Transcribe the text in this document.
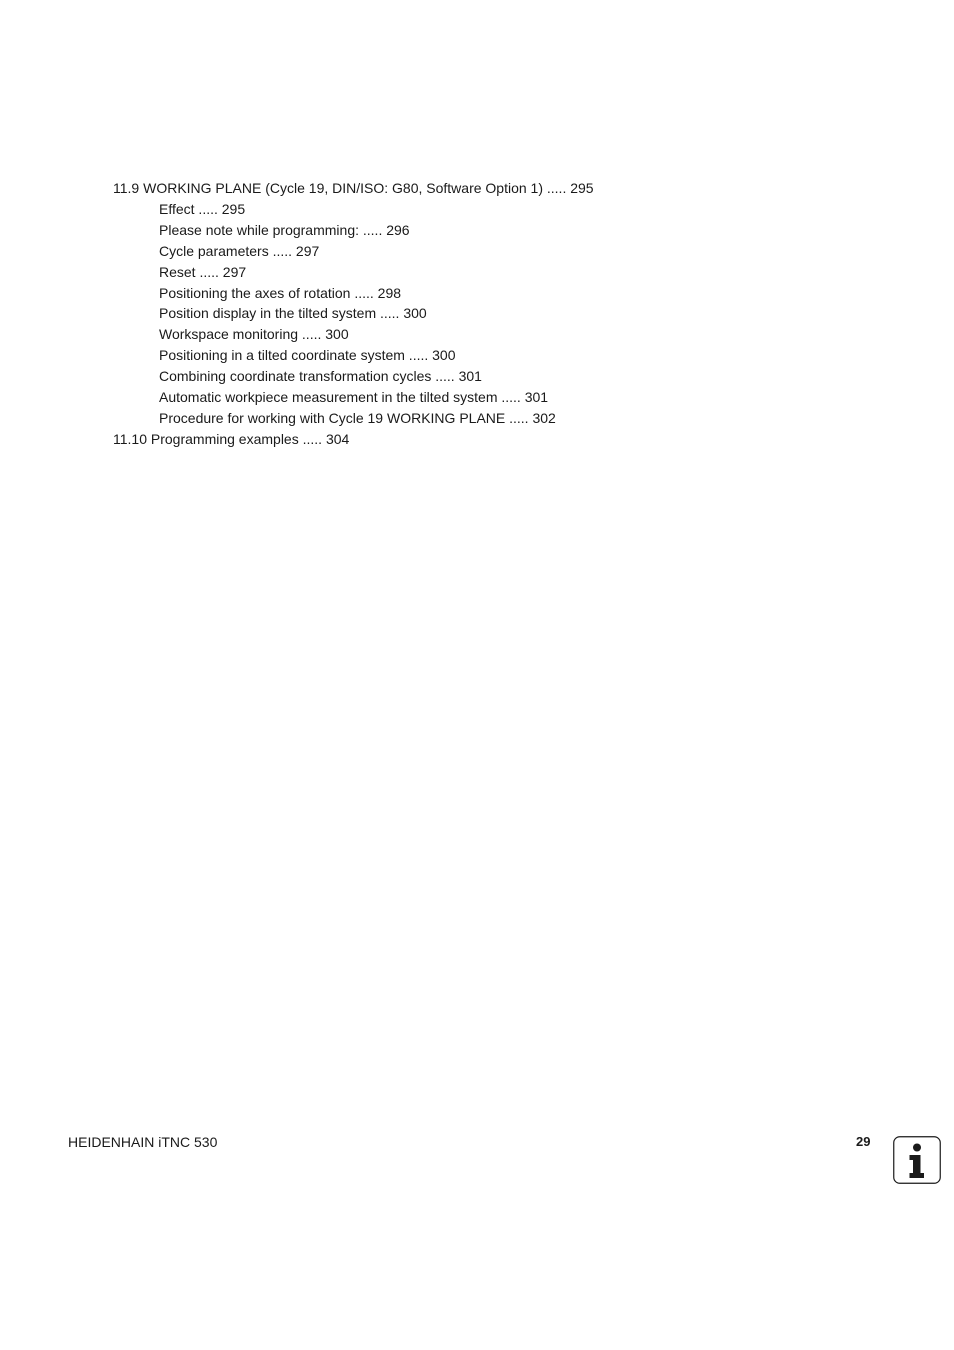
11.9 WORKING PLANE (Cycle 19, DIN/ISO: G80, Software Option 1) ..... 295
Effect ..... 295
Please note while programming: ..... 296
Cycle parameters ..... 297
Reset ..... 297
Positioning the axes of rotation ..... 298
Position display in the tilted system ..... 300
Workspace monitoring ..... 300
Positioning in a tilted coordinate system ..... 300
Combining coordinate transformation cycles ..... 301
Automatic workpiece measurement in the tilted system ..... 301
Procedure for working with Cycle 19 WORKING PLANE ..... 302
11.10 Programming examples ..... 304
HEIDENHAIN iTNC 530	29
